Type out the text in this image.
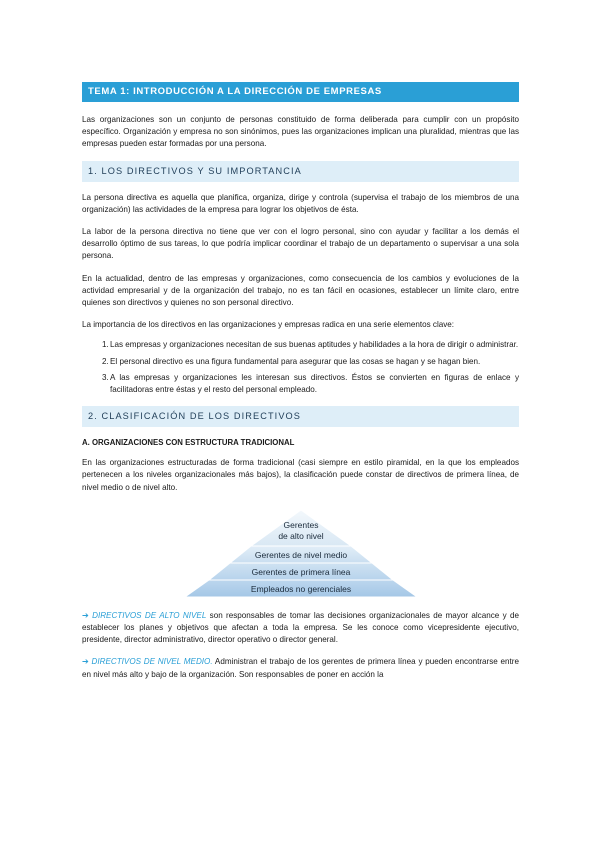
TEMA 1: INTRODUCCIÓN A LA DIRECCIÓN DE EMPRESAS

Las organizaciones son un conjunto de personas constituido de forma deliberada para cumplir con un propósito específico. Organización y empresa no son sinónimos, pues las organizaciones implican una pluralidad, mientras que las empresas pueden estar formadas por una persona.

1. LOS DIRECTIVOS Y SU IMPORTANCIA

La persona directiva es aquella que planifica, organiza, dirige y controla (supervisa el trabajo de los miembros de una organización) las actividades de la empresa para lograr los objetivos de ésta.

La labor de la persona directiva no tiene que ver con el logro personal, sino con ayudar y facilitar a los demás el desarrollo óptimo de sus tareas, lo que podría implicar coordinar el trabajo de un departamento o supervisar a una sola persona.

En la actualidad, dentro de las empresas y organizaciones, como consecuencia de los cambios y evoluciones de la actividad empresarial y de la organización del trabajo, no es tan fácil en ocasiones, establecer un límite claro, entre quienes son directivos y quienes no son personal directivo.

La importancia de los directivos en las organizaciones y empresas radica en una serie elementos clave:

1. Las empresas y organizaciones necesitan de sus buenas aptitudes y habilidades a la hora de dirigir o administrar.
2. El personal directivo es una figura fundamental para asegurar que las cosas se hagan y se hagan bien.
3. A las empresas y organizaciones les interesan sus directivos. Éstos se convierten en figuras de enlace y facilitadoras entre éstas y el resto del personal empleado.
2. CLASIFICACIÓN DE LOS DIRECTIVOS
A. ORGANIZACIONES CON ESTRUCTURA TRADICIONAL

En las organizaciones estructuradas de forma tradicional (casi siempre en estilo piramidal, en la que los empleados pertenecen a los niveles organizacionales más bajos), la clasificación puede constar de directivos de primera línea, de nivel medio o de nivel alto.

Gerentes
de alto nivel
Gerentes de nivel medio
Gerentes de primera línea
Empleados no gerenciales

➔ DIRECTIVOS DE ALTO NIVEL son responsables de tomar las decisiones organizacionales de mayor alcance y de establecer los planes y objetivos que afectan a toda la empresa. Se les conoce como vicepresidente ejecutivo, presidente, director administrativo, director operativo o director general.

➔ DIRECTIVOS DE NIVEL MEDIO. Administran el trabajo de los gerentes de primera línea y pueden encontrarse entre en nivel más alto y bajo de la organización. Son responsables de poner en acción la
